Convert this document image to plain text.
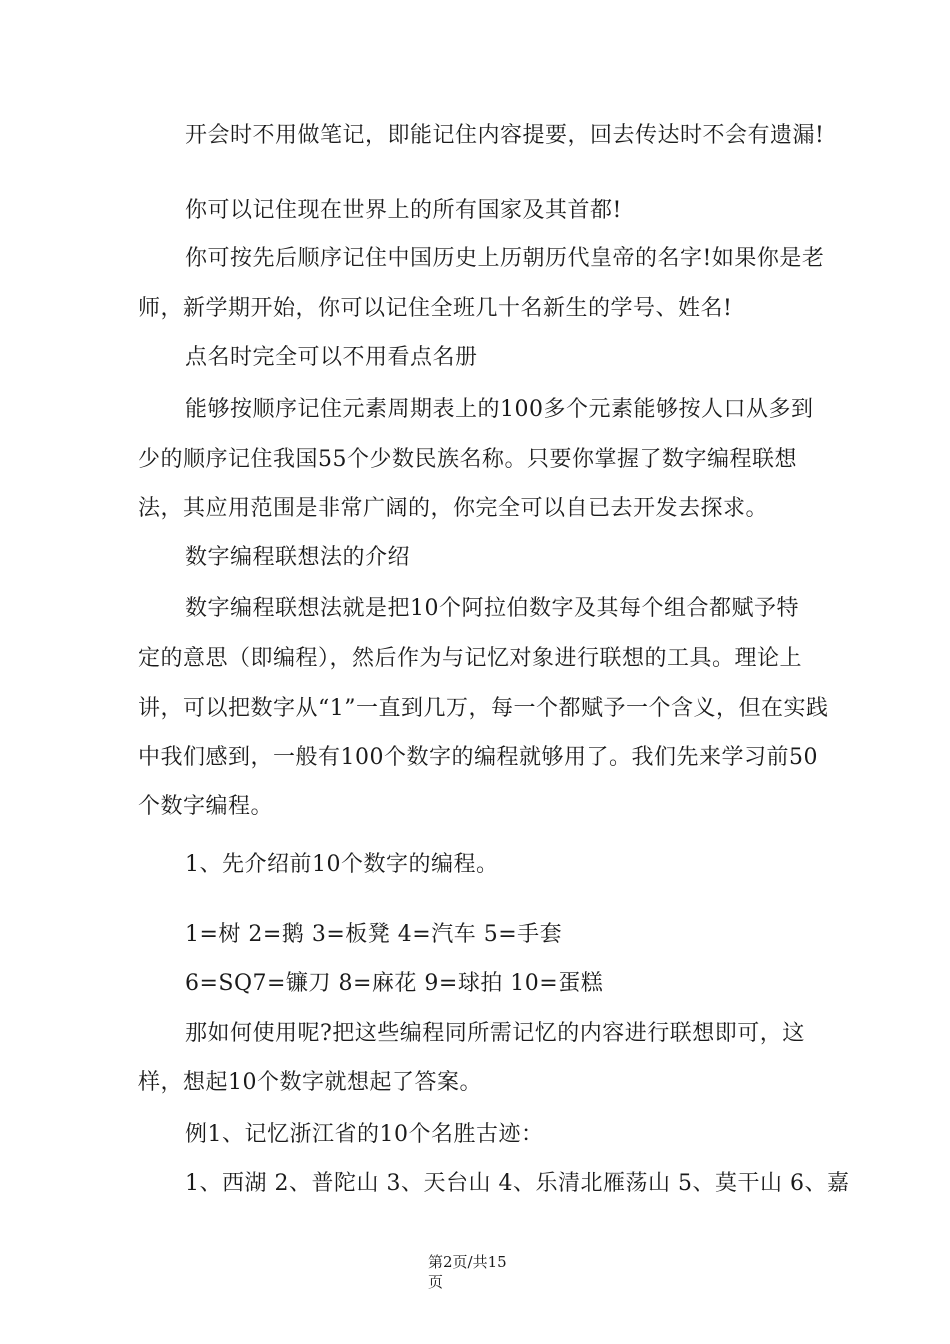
开会时不用做笔记，即能记住内容提要，回去传达时不会有遗漏!

你可以记住现在世界上的所有国家及其首都!

你可按先后顺序记住中国历史上历朝历代皇帝的名字!如果你是老

师，新学期开始，你可以记住全班几十名新生的学号、姓名!

点名时完全可以不用看点名册

能够按顺序记住元素周期表上的100多个元素能够按人口从多到

少的顺序记住我国55个少数民族名称。只要你掌握了数字编程联想

法，其应用范围是非常广阔的，你完全可以自已去开发去探求。

数字编程联想法的介绍

数字编程联想法就是把10个阿拉伯数字及其每个组合都赋予特

定的意思（即编程），然后作为与记忆对象进行联想的工具。理论上

讲，可以把数字从“1”一直到几万，每一个都赋予一个含义，但在实践

中我们感到，一般有100个数字的编程就够用了。我们先来学习前50

个数字编程。

1、先介绍前10个数字的编程。

1=树 2=鹅 3=板凳 4=汽车 5=手套

6=SQ7=镰刀 8=麻花 9=球拍 10=蛋糕

那如何使用呢?把这些编程同所需记忆的内容进行联想即可，这

样，想起10个数字就想起了答案。

例1、记忆浙江省的10个名胜古迹：

1、西湖 2、普陀山 3、天台山 4、乐清北雁荡山 5、莫干山 6、嘉

第2页/共15
页
